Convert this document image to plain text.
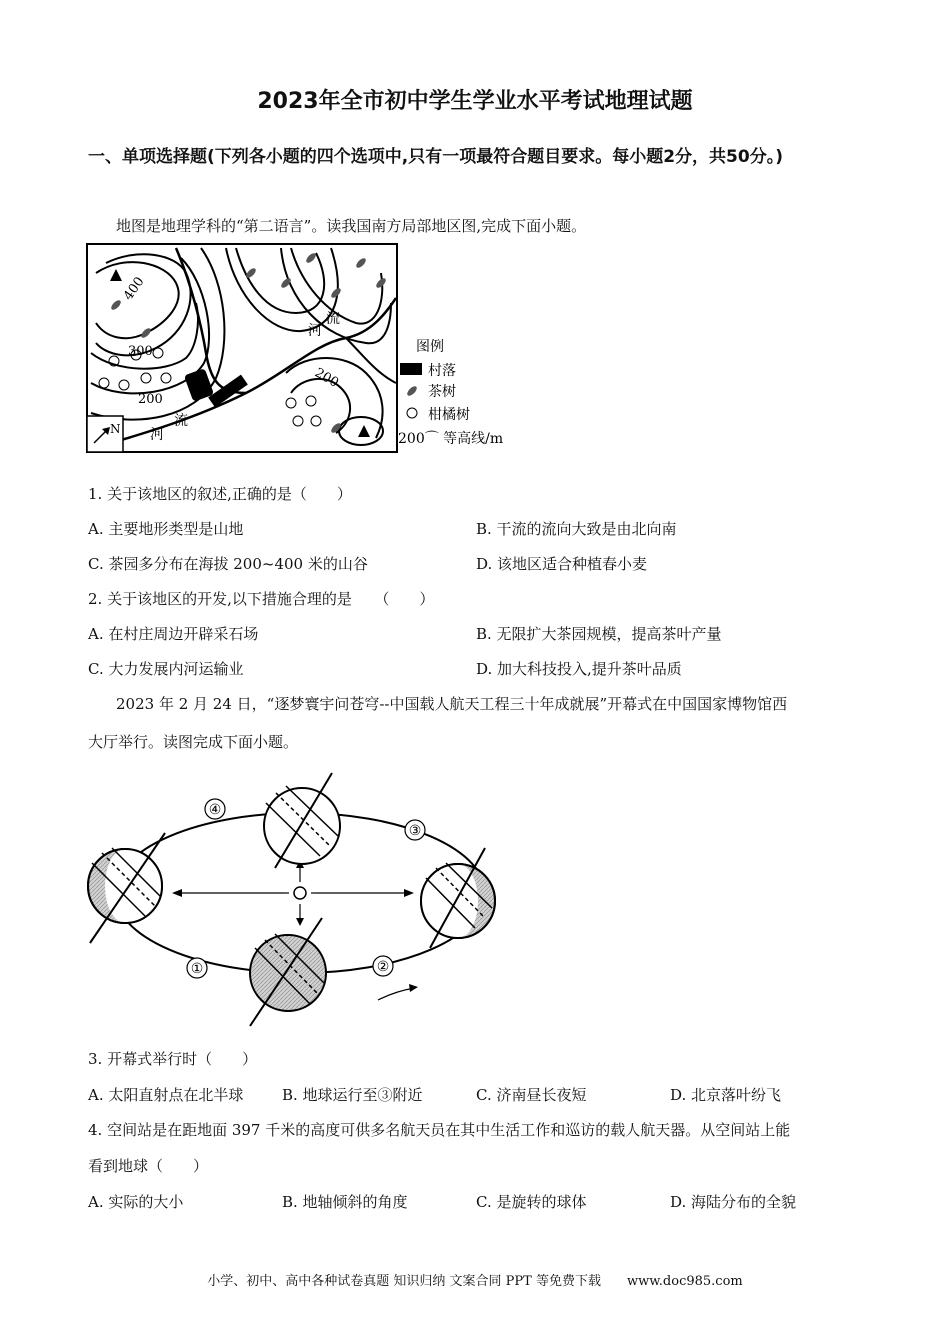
2023年全市初中学生学业水平考试地理试题
一、单项选择题(下列各小题的四个选项中,只有一项最符合题目要求。每小题2分，共50分。)
地图是地理学科的“第二语言”。读我国南方局部地区图,完成下面小题。
N
400
300
200
200
河
流
流
河
图例
村落
茶树
柑橘树
200⌒ 等高线/m
1. 关于该地区的叙述,正确的是（　　）
A. 主要地形类型是山地	B. 干流的流向大致是由北向南
C. 茶园多分布在海拔 200~400 米的山谷	D. 该地区适合种植春小麦
2. 关于该地区的开发,以下措施合理的是　　（　　）
A. 在村庄周边开辟采石场	B. 无限扩大茶园规模，提高茶叶产量
C. 大力发展内河运输业	D. 加大科技投入,提升茶叶品质
2023 年 2 月 24 日，“逐梦寰宇问苍穹--中国载人航天工程三十年成就展”开幕式在中国国家博物馆西
大厅举行。读图完成下面小题。
①	②
③
④
3. 开幕式举行时（　　）
A. 太阳直射点在北半球	B. 地球运行至③附近	C. 济南昼长夜短	D. 北京落叶纷飞
4. 空间站是在距地面 397 千米的高度可供多名航天员在其中生活工作和巡访的载人航天器。从空间站上能
看到地球（　　）
A. 实际的大小	B. 地轴倾斜的角度	C. 是旋转的球体	D. 海陆分布的全貌
小学、初中、高中各种试卷真题 知识归纳 文案合同 PPT 等免费下载　　www.doc985.com
